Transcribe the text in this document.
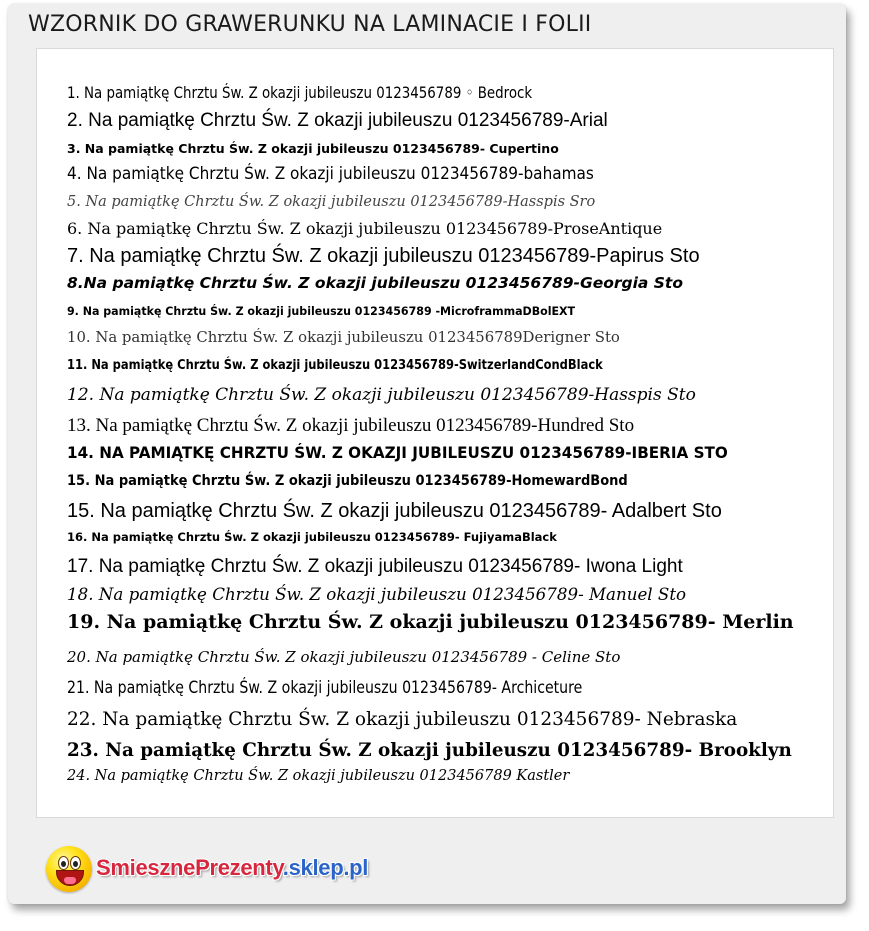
WZORNIK DO GRAWERUNKU NA LAMINACIE I FOLII
1. Na pamiątkę Chrztu Św. Z okazji jubileuszu 0123456789 ◦ Bedrock
2. Na pamiątkę Chrztu Św. Z okazji jubileuszu 0123456789-Arial
3. Na pamiątkę Chrztu Św. Z okazji jubileuszu 0123456789- Cupertino
4. Na pamiątkę Chrztu Św. Z okazji jubileuszu 0123456789-bahamas
5. Na pamiątkę Chrztu Św. Z okazji jubileuszu 0123456789-Hasspis Sro
6. Na pamiątkę Chrztu Św. Z okazji jubileuszu 0123456789-ProseAntique
7. Na pamiątkę Chrztu Św. Z okazji jubileuszu 0123456789-Papirus Sto
8.Na pamiątkę Chrztu Św. Z okazji jubileuszu 0123456789-Georgia Sto
9. Na pamiątkę Chrztu Św. Z okazji jubileuszu 0123456789 -MicroframmaDBolEXT
10. Na pamiątkę Chrztu Św. Z okazji jubileuszu 0123456789Derigner Sto
11. Na pamiątkę Chrztu Św. Z okazji jubileuszu 0123456789-SwitzerlandCondBlack
12. Na pamiątkę Chrztu Św. Z okazji jubileuszu 0123456789-Hasspis Sto
13. Na pamiątkę Chrztu Św. Z okazji jubileuszu 0123456789-Hundred Sto
14. NA PAMIĄTKĘ CHRZTU ŚW. Z OKAZJI JUBILEUSZU 0123456789-IBERIA STO
15. Na pamiątkę Chrztu Św. Z okazji jubileuszu 0123456789-HomewardBond
15. Na pamiątkę Chrztu Św. Z okazji jubileuszu 0123456789- Adalbert Sto
16. Na pamiątkę Chrztu Św. Z okazji jubileuszu 0123456789- FujiyamaBlack
17. Na pamiątkę Chrztu Św. Z okazji jubileuszu 0123456789- Iwona Light
18. Na pamiątkę Chrztu Św. Z okazji jubileuszu 0123456789- Manuel Sto
19. Na pamiątkę Chrztu Św. Z okazji jubileuszu 0123456789- Merlin
20. Na pamiątkę Chrztu Św. Z okazji jubileuszu 0123456789 - Celine Sto
21. Na pamiątkę Chrztu Św. Z okazji jubileuszu 0123456789- Archiceture
22. Na pamiątkę Chrztu Św. Z okazji jubileuszu 0123456789- Nebraska
23. Na pamiątkę Chrztu Św. Z okazji jubileuszu 0123456789- Brooklyn
24. Na pamiątkę Chrztu Św. Z okazji jubileuszu 0123456789 Kastler
SmiesznePrezenty.sklep.pl
